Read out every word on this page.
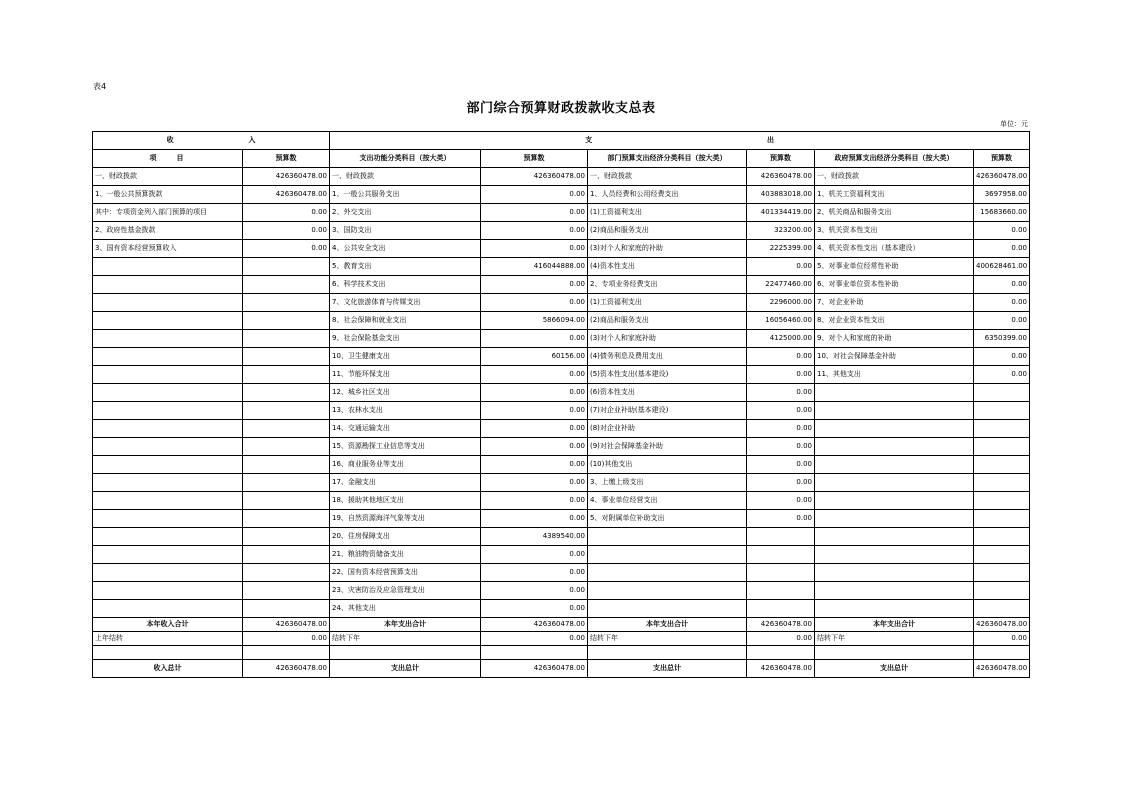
表4
部门综合预算财政拨款收支总表
单位：元
收 入		支 出					
项　　目	预算数	支出功能分类科目（按大类）	预算数	部门预算支出经济分类科目（按大类）	预算数	政府预算支出经济分类科目（按大类）	预算数
一、财政拨款	426360478.00	一、财政拨款	426360478.00	一、财政拨款	426360478.00	一、财政拨款	426360478.00
1、一般公共预算拨款	426360478.00	1、一般公共服务支出	0.00	1、人员经费和公用经费支出	403883018.00	1、机关工资福利支出	3697958.00
其中：专项资金列入部门预算的项目	0.00	2、外交支出	0.00	(1)工资福利支出	401334419.00	2、机关商品和服务支出	15683660.00
2、政府性基金拨款	0.00	3、国防支出	0.00	(2)商品和服务支出	323200.00	3、机关资本性支出	0.00
3、国有资本经营预算收入	0.00	4、公共安全支出	0.00	(3)对个人和家庭的补助	2225399.00	4、机关资本性支出（基本建设）	0.00
		5、教育支出	416044888.00	(4)资本性支出	0.00	5、对事业单位经常性补助	400628461.00
		6、科学技术支出	0.00	2、专项业务经费支出	22477460.00	6、对事业单位资本性补助	0.00
		7、文化旅游体育与传媒支出	0.00	(1)工资福利支出	2296000.00	7、对企业补助	0.00
		8、社会保障和就业支出	5866094.00	(2)商品和服务支出	16056460.00	8、对企业资本性支出	0.00
		9、社会保险基金支出	0.00	(3)对个人和家庭补助	4125000.00	9、对个人和家庭的补助	6350399.00
		10、卫生健康支出	60156.00	(4)债务利息及费用支出	0.00	10、对社会保障基金补助	0.00
		11、节能环保支出	0.00	(5)资本性支出(基本建设)	0.00	11、其他支出	0.00
		12、城乡社区支出	0.00	(6)资本性支出	0.00		
		13、农林水支出	0.00	(7)对企业补助(基本建设)	0.00		
		14、交通运输支出	0.00	(8)对企业补助	0.00		
		15、资源勘探工业信息等支出	0.00	(9)对社会保障基金补助	0.00		
		16、商业服务业等支出	0.00	(10)其他支出	0.00		
		17、金融支出	0.00	3、上缴上级支出	0.00		
		18、援助其他地区支出	0.00	4、事业单位经营支出	0.00		
		19、自然资源海洋气象等支出	0.00	5、对附属单位补助支出	0.00		
		20、住房保障支出	4389540.00				
		21、粮油物资储备支出	0.00				
		22、国有资本经营预算支出	0.00				
		23、灾害防治及应急管理支出	0.00				
		24、其他支出	0.00				
本年收入合计	426360478.00	本年支出合计	426360478.00	本年支出合计	426360478.00	本年支出合计	426360478.00
上年结转	0.00	结转下年	0.00	结转下年	0.00	结转下年	0.00

收入总计	426360478.00	支出总计	426360478.00	支出总计	426360478.00	支出总计	426360478.00
